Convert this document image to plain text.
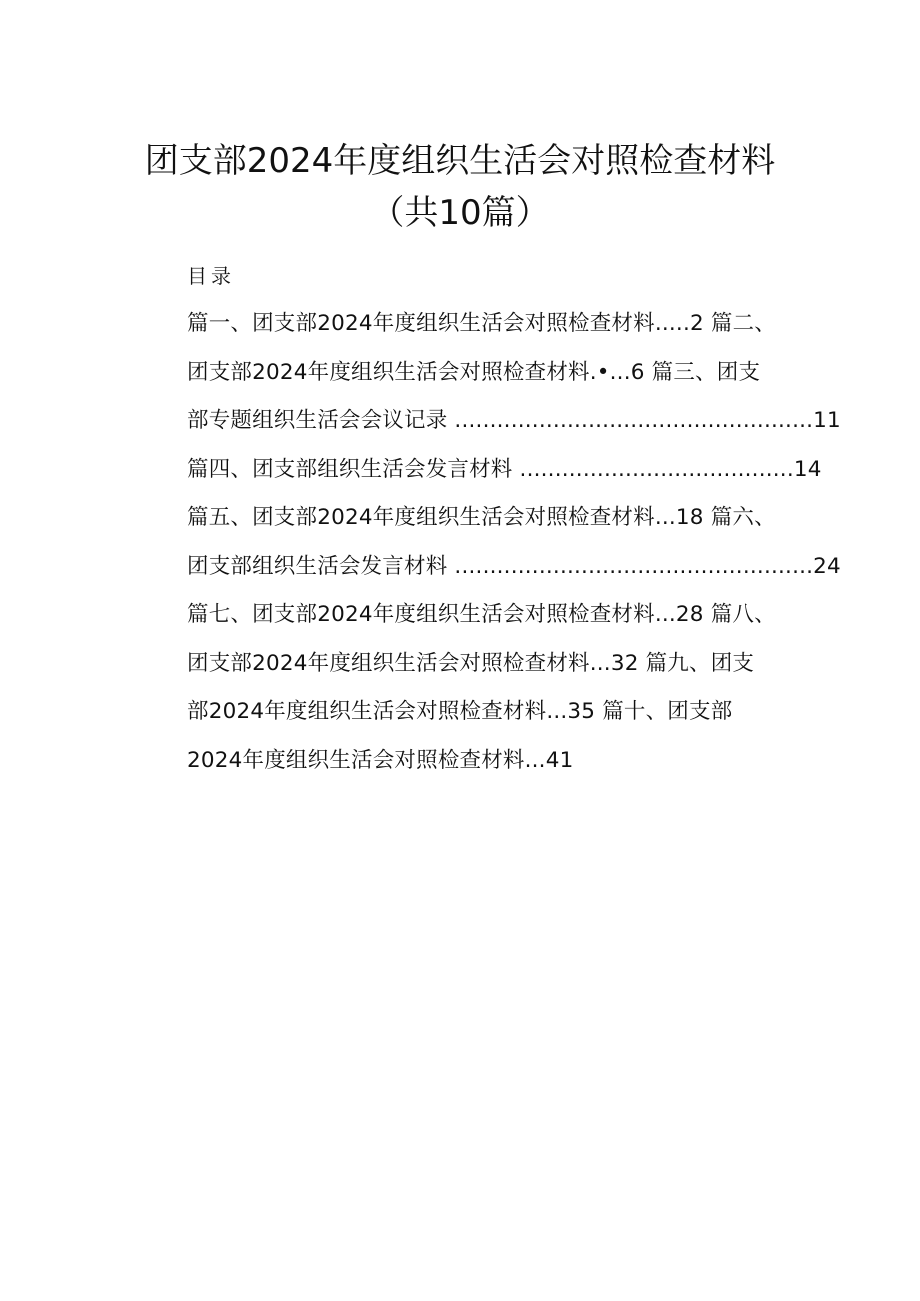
团支部2024年度组织生活会对照检查材料
（共10篇）
目录
篇一、团支部2024年度组织生活会对照检查材料.....2 篇二、
团支部2024年度组织生活会对照检查材料.•...6 篇三、团支
部专题组织生活会会议记录 ...................................................11
篇四、团支部组织生活会发言材料 .......................................14
篇五、团支部2024年度组织生活会对照检查材料...18 篇六、
团支部组织生活会发言材料 ...................................................24
篇七、团支部2024年度组织生活会对照检查材料...28 篇八、
团支部2024年度组织生活会对照检查材料...32 篇九、团支
部2024年度组织生活会对照检查材料...35 篇十、团支部
2024年度组织生活会对照检查材料...41
